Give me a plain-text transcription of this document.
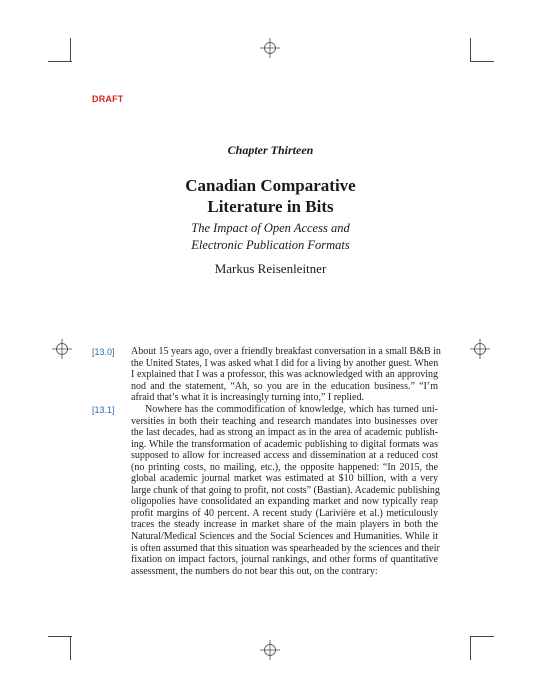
DRAFT
Chapter Thirteen
Canadian Comparative
Literature in Bits
The Impact of Open Access and
Electronic Publication Formats
Markus Reisenleitner
[13.0] About 15 years ago, over a friendly breakfast conversation in a small B&B in
the United States, I was asked what I did for a living by another guest. When
I explained that I was a professor, this was acknowledged with an approving
nod and the statement, “Ah, so you are in the education business.” “I’m
afraid that’s what it is increasingly turning into,” I replied.
[13.1]	Nowhere has the commodification of knowledge, which has turned uni-
versities in both their teaching and research mandates into businesses over
the last decades, had as strong an impact as in the area of academic publish-
ing. While the transformation of academic publishing to digital formats was
supposed to allow for increased access and dissemination at a reduced cost
(no printing costs, no mailing, etc.), the opposite happened: “In 2015, the
global academic journal market was estimated at $10 billion, with a very
large chunk of that going to profit, not costs” (Bastian). Academic publishing
oligopolies have consolidated an expanding market and now typically reap
profit margins of 40 percent. A recent study (Larivière et al.) meticulously
traces the steady increase in market share of the main players in both the
Natural/Medical Sciences and the Social Sciences and Humanities. While it
is often assumed that this situation was spearheaded by the sciences and their
fixation on impact factors, journal rankings, and other forms of quantitative
assessment, the numbers do not bear this out, on the contrary:
